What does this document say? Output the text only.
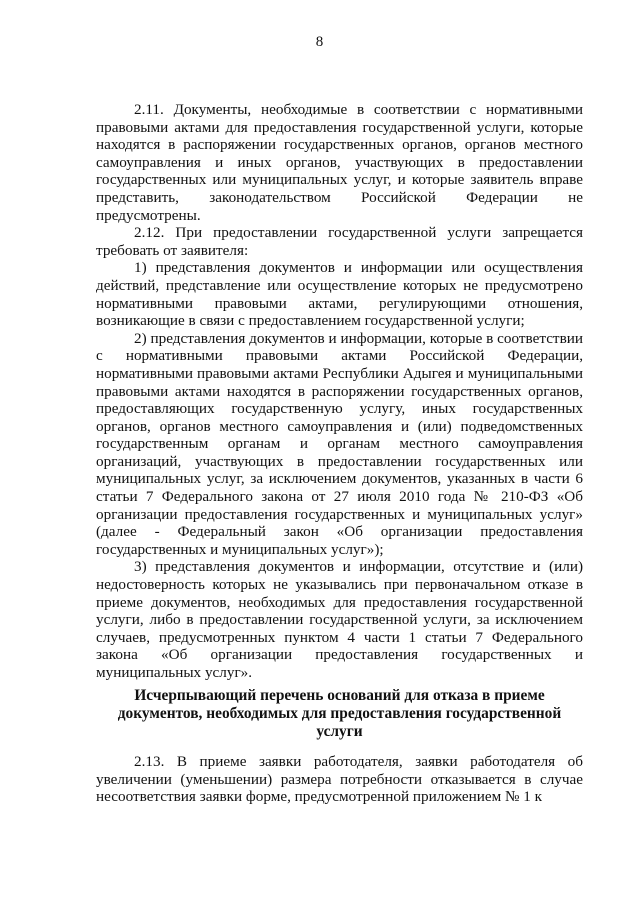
8

2.11. Документы, необходимые в соответствии с нормативными правовыми актами для предоставления государственной услуги, которые находятся в распоряжении государственных органов, органов местного самоуправления и иных органов, участвующих в предоставлении государственных или муниципальных услуг, и которые заявитель вправе представить, законодательством Российской Федерации не предусмотрены.

2.12. При предоставлении государственной услуги запрещается требовать от заявителя:

1) представления документов и информации или осуществления действий, представление или осуществление которых не предусмотрено нормативными правовыми актами, регулирующими отношения, возникающие в связи с предоставлением государственной услуги;

2) представления документов и информации, которые в соответствии с нормативными правовыми актами Российской Федерации, нормативными правовыми актами Республики Адыгея и муниципальными правовыми актами находятся в распоряжении государственных органов, предоставляющих государственную услугу, иных государственных органов, органов местного самоуправления и (или) подведомственных государственным органам и органам местного самоуправления организаций, участвующих в предоставлении государственных или муниципальных услуг, за исключением документов, указанных в части 6 статьи 7 Федерального закона от 27 июля 2010 года № 210-ФЗ «Об организации предоставления государственных и муниципальных услуг» (далее - Федеральный закон «Об организации предоставления государственных и муниципальных услуг»);

3) представления документов и информации, отсутствие и (или) недостоверность которых не указывались при первоначальном отказе в приеме документов, необходимых для предоставления государственной услуги, либо в предоставлении государственной услуги, за исключением случаев, предусмотренных пунктом 4 части 1 статьи 7 Федерального закона «Об организации предоставления государственных и муниципальных услуг».

Исчерпывающий перечень оснований для отказа в приеме документов, необходимых для предоставления государственной услуги

2.13. В приеме заявки работодателя, заявки работодателя об увеличении (уменьшении) размера потребности отказывается в случае несоответствия заявки форме, предусмотренной приложением № 1 к
